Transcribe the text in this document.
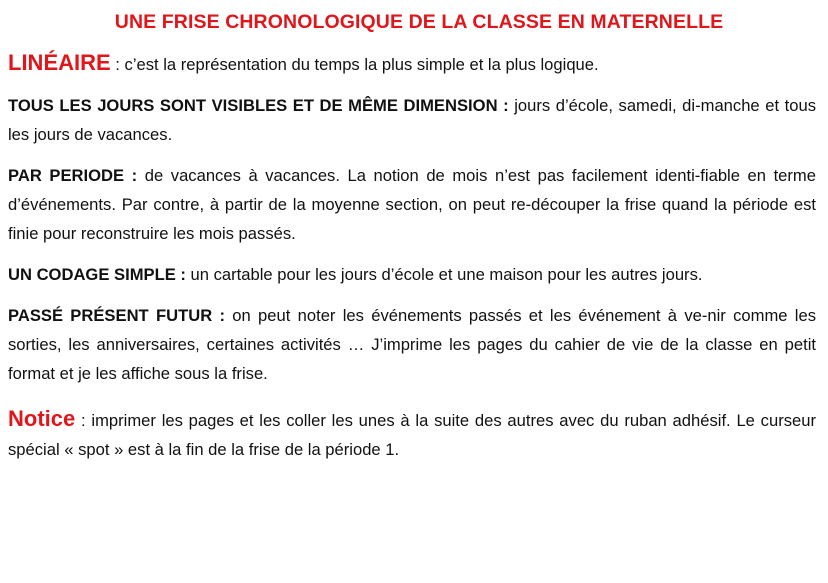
UNE FRISE CHRONOLOGIQUE DE LA CLASSE EN MATERNELLE

LINÉAIRE : c’est la représentation du temps la plus simple et la plus logique.

TOUS LES JOURS SONT VISIBLES ET DE MÊME DIMENSION : jours d’école, samedi, di-manche et tous les jours de vacances.

PAR PERIODE : de vacances à vacances. La notion de mois n’est pas facilement identi-fiable en terme d’événements. Par contre, à partir de la moyenne section, on peut re-découper la frise quand la période est finie pour reconstruire les mois passés.

UN CODAGE SIMPLE : un cartable pour les jours d’école et une maison pour les autres jours.

PASSÉ PRÉSENT FUTUR : on peut noter les événements passés et les événement à ve-nir comme les sorties, les anniversaires, certaines activités … J’imprime les pages du cahier de vie de la classe en petit format et je les affiche sous la frise.

Notice : imprimer les pages et les coller les unes à la suite des autres avec du ruban adhésif. Le curseur spécial « spot » est à la fin de la frise de la période 1.
